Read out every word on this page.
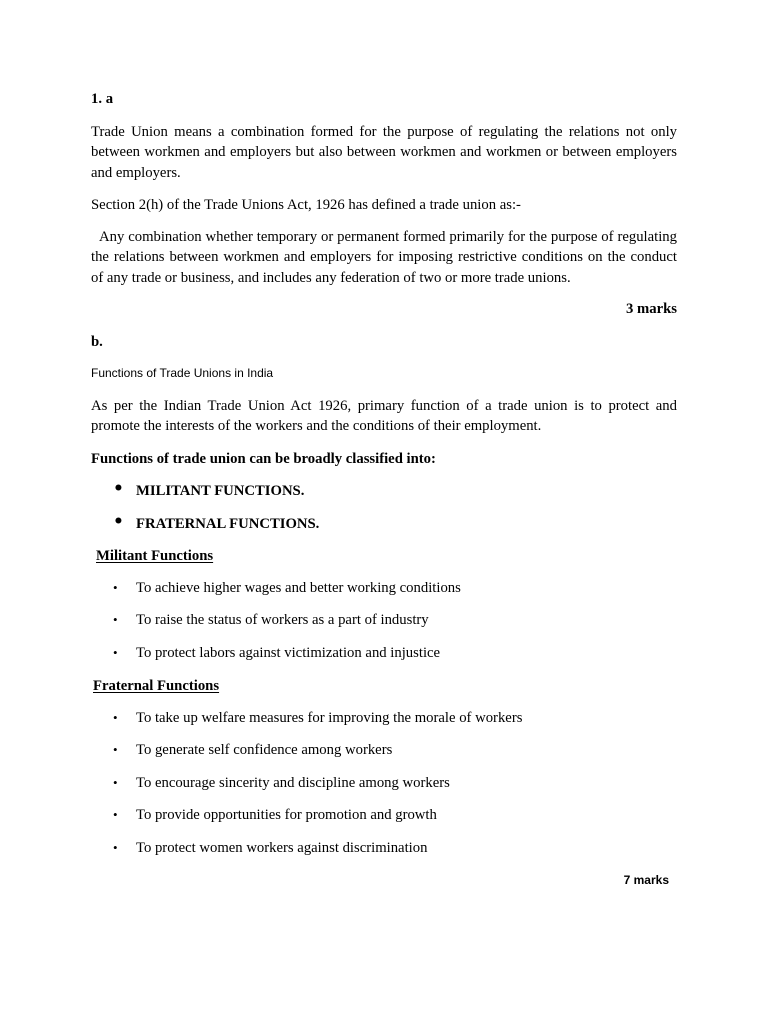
1. a
Trade Union means a combination formed for the purpose of regulating the relations not only between workmen and employers but also between workmen and workmen or between employers and employers.
Section 2(h) of the Trade Unions Act, 1926 has defined a trade union as:-
Any combination whether temporary or permanent formed primarily for the purpose of regulating the relations between workmen and employers for imposing restrictive conditions on the conduct of any trade or business, and includes any federation of two or more trade unions.
3 marks
b.
Functions of Trade Unions in India
As per the Indian Trade Union Act 1926, primary function of a trade union is to protect and promote the interests of the workers and the conditions of their employment.
Functions of trade union can be broadly classified into:
• MILITANT FUNCTIONS.
• FRATERNAL FUNCTIONS.
Militant Functions
• To achieve higher wages and better working conditions
• To raise the status of workers as a part of industry
• To protect labors against victimization and injustice
Fraternal Functions
• To take up welfare measures for improving the morale of workers
• To generate self confidence among workers
• To encourage sincerity and discipline among workers
• To provide opportunities for promotion and growth
• To protect women workers against discrimination
7 marks
